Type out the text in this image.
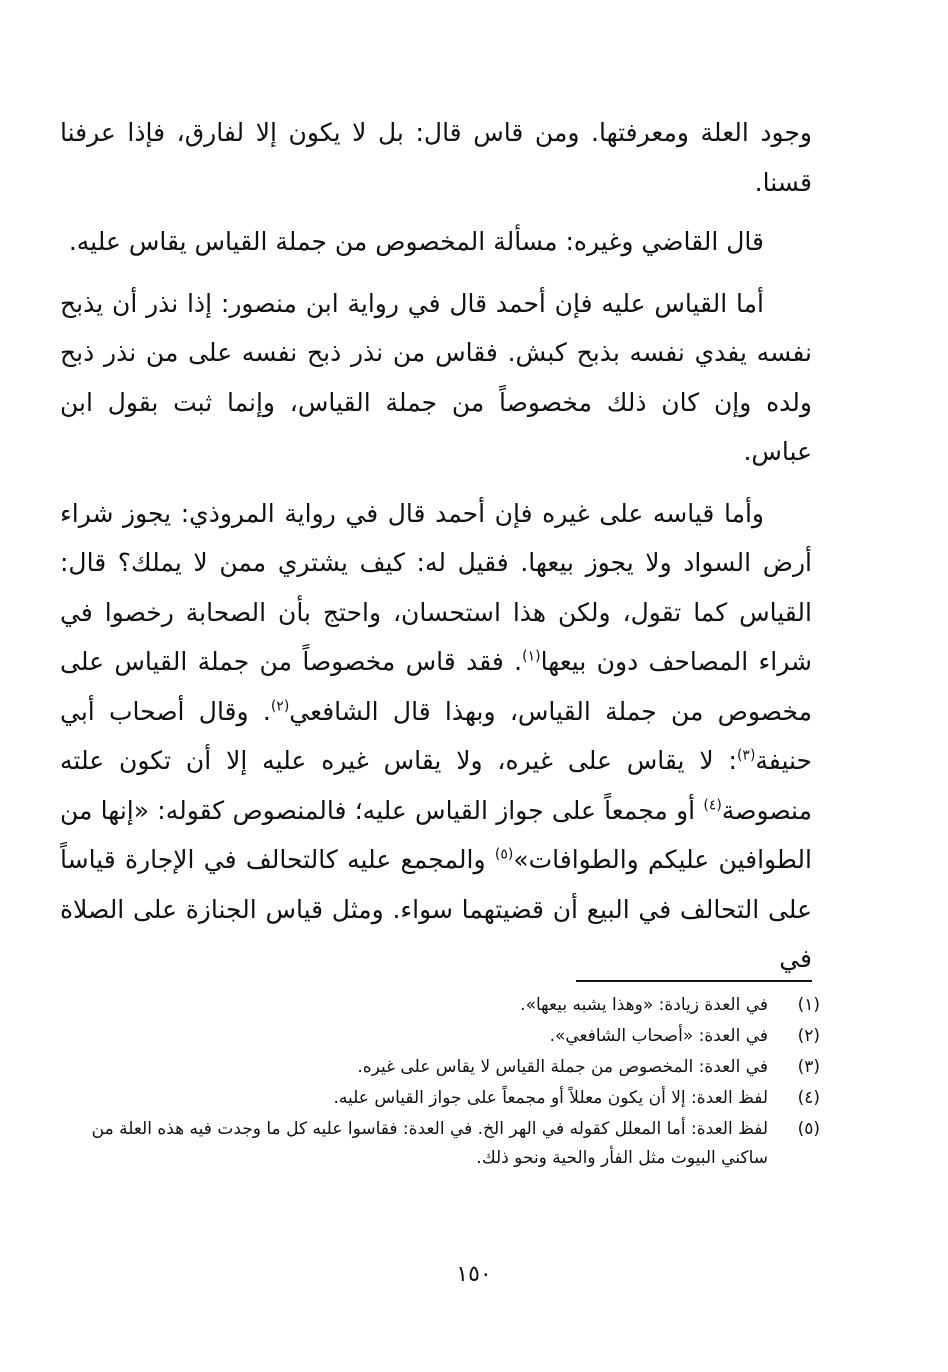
وجود العلة ومعرفتها. ومن قاس قال: بل لا يكون إلا لفارق، فإذا عرفنا قسنا.

قال القاضي وغيره: مسألة المخصوص من جملة القياس يقاس عليه.

أما القياس عليه فإن أحمد قال في رواية ابن منصور: إذا نذر أن يذبح نفسه يفدي نفسه بذبح كبش. فقاس من نذر ذبح نفسه على من نذر ذبح ولده وإن كان ذلك مخصوصاً من جملة القياس، وإنما ثبت بقول ابن عباس.

وأما قياسه على غيره فإن أحمد قال في رواية المروذي: يجوز شراء أرض السواد ولا يجوز بيعها. فقيل له: كيف يشتري ممن لا يملك؟ قال: القياس كما تقول، ولكن هذا استحسان، واحتج بأن الصحابة رخصوا في شراء المصاحف دون بيعها$^{(١)}$. فقد قاس مخصوصاً من جملة القياس على مخصوص من جملة القياس، وبهذا قال الشافعي$^{(٢)}$. وقال أصحاب أبي حنيفة$^{(٣)}$: لا يقاس على غيره، ولا يقاس غيره عليه إلا أن تكون علته منصوصة$^{(٤)}$ أو مجمعاً على جواز القياس عليه؛ فالمنصوص كقوله: «إنها من الطوافين عليكم والطوافات»$^{(٥)}$ والمجمع عليه كالتحالف في الإجارة قياساً على التحالف في البيع أن قضيتهما سواء. ومثل قياس الجنازة على الصلاة في

(١)
في العدة زيادة: «وهذا يشبه بيعها».
(٢)
في العدة: «أصحاب الشافعي».
(٣)
في العدة: المخصوص من جملة القياس لا يقاس على غيره.
(٤)
لفظ العدة: إلا أن يكون معللاً أو مجمعاً على جواز القياس عليه.
(٥)
لفظ العدة: أما المعلل كقوله في الهر الخ. في العدة: فقاسوا عليه كل ما وجدت فيه هذه العلة من ساكني البيوت مثل الفأر والحية ونحو ذلك.
١٥٠
